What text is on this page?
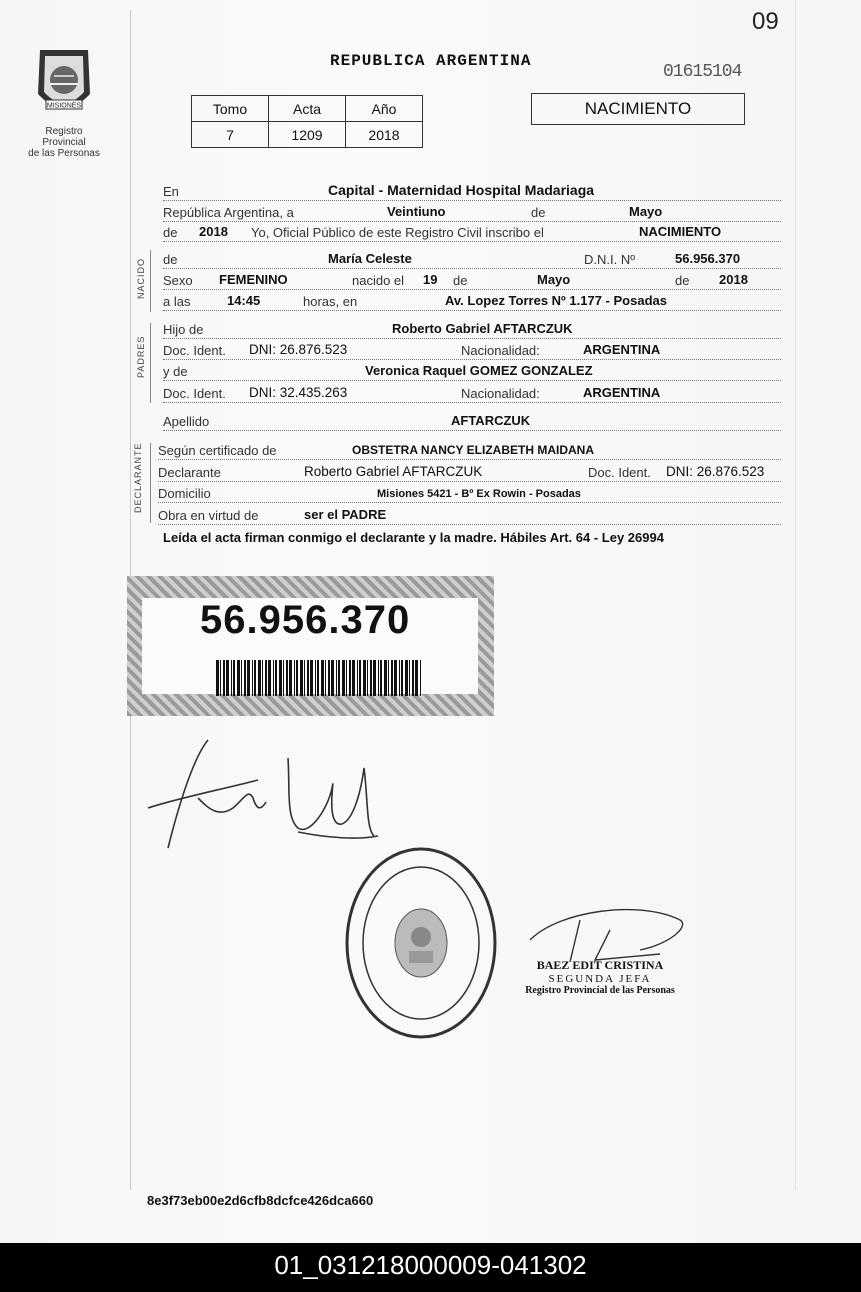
09
MISIONES
Registro Provincial
de las Personas
REPUBLICA ARGENTINA
01615104
Tomo	Acta	Año
7	1209	2018
NACIMIENTO
En	Capital - Maternidad Hospital Madariaga
República Argentina, a	Veintiuno	de	Mayo
de 2018 Yo, Oficial Público de este Registro Civil inscribo el	NACIMIENTO
NACIDO de	María Celeste	D.N.I. Nº	56.956.370
Sexo FEMENINO	nacido el 19 de	Mayo	de 2018
a las	14:45	horas, en	Av. Lopez Torres Nº 1.177 - Posadas
PADRES
Hijo de	Roberto Gabriel AFTARCZUK
Doc. Ident. DNI: 26.876.523	Nacionalidad:	ARGENTINA
y de	Veronica Raquel GOMEZ GONZALEZ
Doc. Ident. DNI: 32.435.263	Nacionalidad:	ARGENTINA
Apellido	AFTARCZUK
DECLARANTE Según certificado de	OBSTETRA NANCY ELIZABETH MAIDANA
Declarante	Roberto Gabriel AFTARCZUK	Doc. Ident. DNI: 26.876.523
Domicilio	Misiones 5421 - Bº Ex Rowin - Posadas
Obra en virtud de	ser el PADRE
Leída el acta firman conmigo el declarante y la madre. Hábiles Art. 64 - Ley 26994
56.956.370
BAEZ EDIT CRISTINA
SEGUNDA JEFA
Registro Provincial de las Personas
8e3f73eb00e2d6cfb8dcfce426dca660
01_031218000009-041302
